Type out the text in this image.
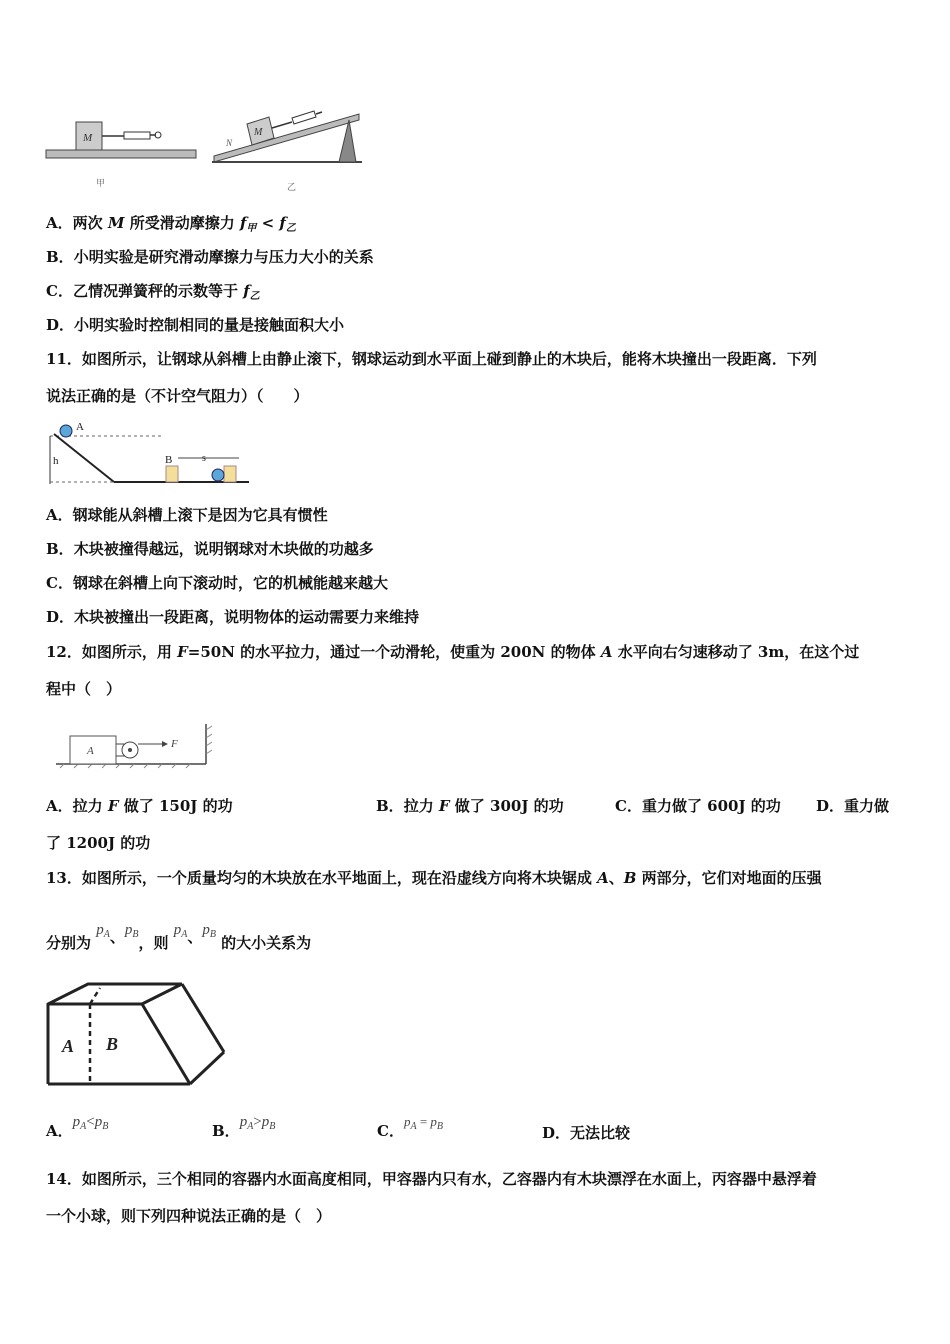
M
甲
M
N
乙
A．两次 M 所受滑动摩擦力 $f_甲 < f_乙$
B．小明实验是研究滑动摩擦力与压力大小的关系
C．乙情况弹簧秤的示数等于 $f_乙$
D．小明实验时控制相同的量是接触面积大小
11．如图所示，让钢球从斜槽上由静止滚下，钢球运动到水平面上碰到静止的木块后，能将木块撞出一段距离．下列
说法正确的是（不计空气阻力）（　　）
A
h	B	s
A．钢球能从斜槽上滚下是因为它具有惯性
B．木块被撞得越远，说明钢球对木块做的功越多
C．钢球在斜槽上向下滚动时，它的机械能越来越大
D．木块被撞出一段距离，说明物体的运动需要力来维持
12．如图所示，用 F=50N 的水平拉力，通过一个动滑轮，使重为 200N 的物体 A 水平向右匀速移动了 3m，在这个过
程中（　）
A
F
A．拉力 F 做了 150J 的功	B．拉力 F 做了 300J 的功	C．重力做了 600J 的功 D．重力做
了 1200J 的功
13．如图所示，一个质量均匀的木块放在水平地面上，现在沿虚线方向将木块锯成 A、B 两部分，它们对地面的压强
分别为 $p_A$、$p_B$，则 $p_A$、$p_B$ 的大小关系为
A B
A．$p_A<p_B$	B．$p_A>p_B$	C．$p_A = p_B$	D．无法比较
14．如图所示，三个相同的容器内水面高度相同，甲容器内只有水，乙容器内有木块漂浮在水面上，丙容器中悬浮着
一个小球，则下列四种说法正确的是（　）
